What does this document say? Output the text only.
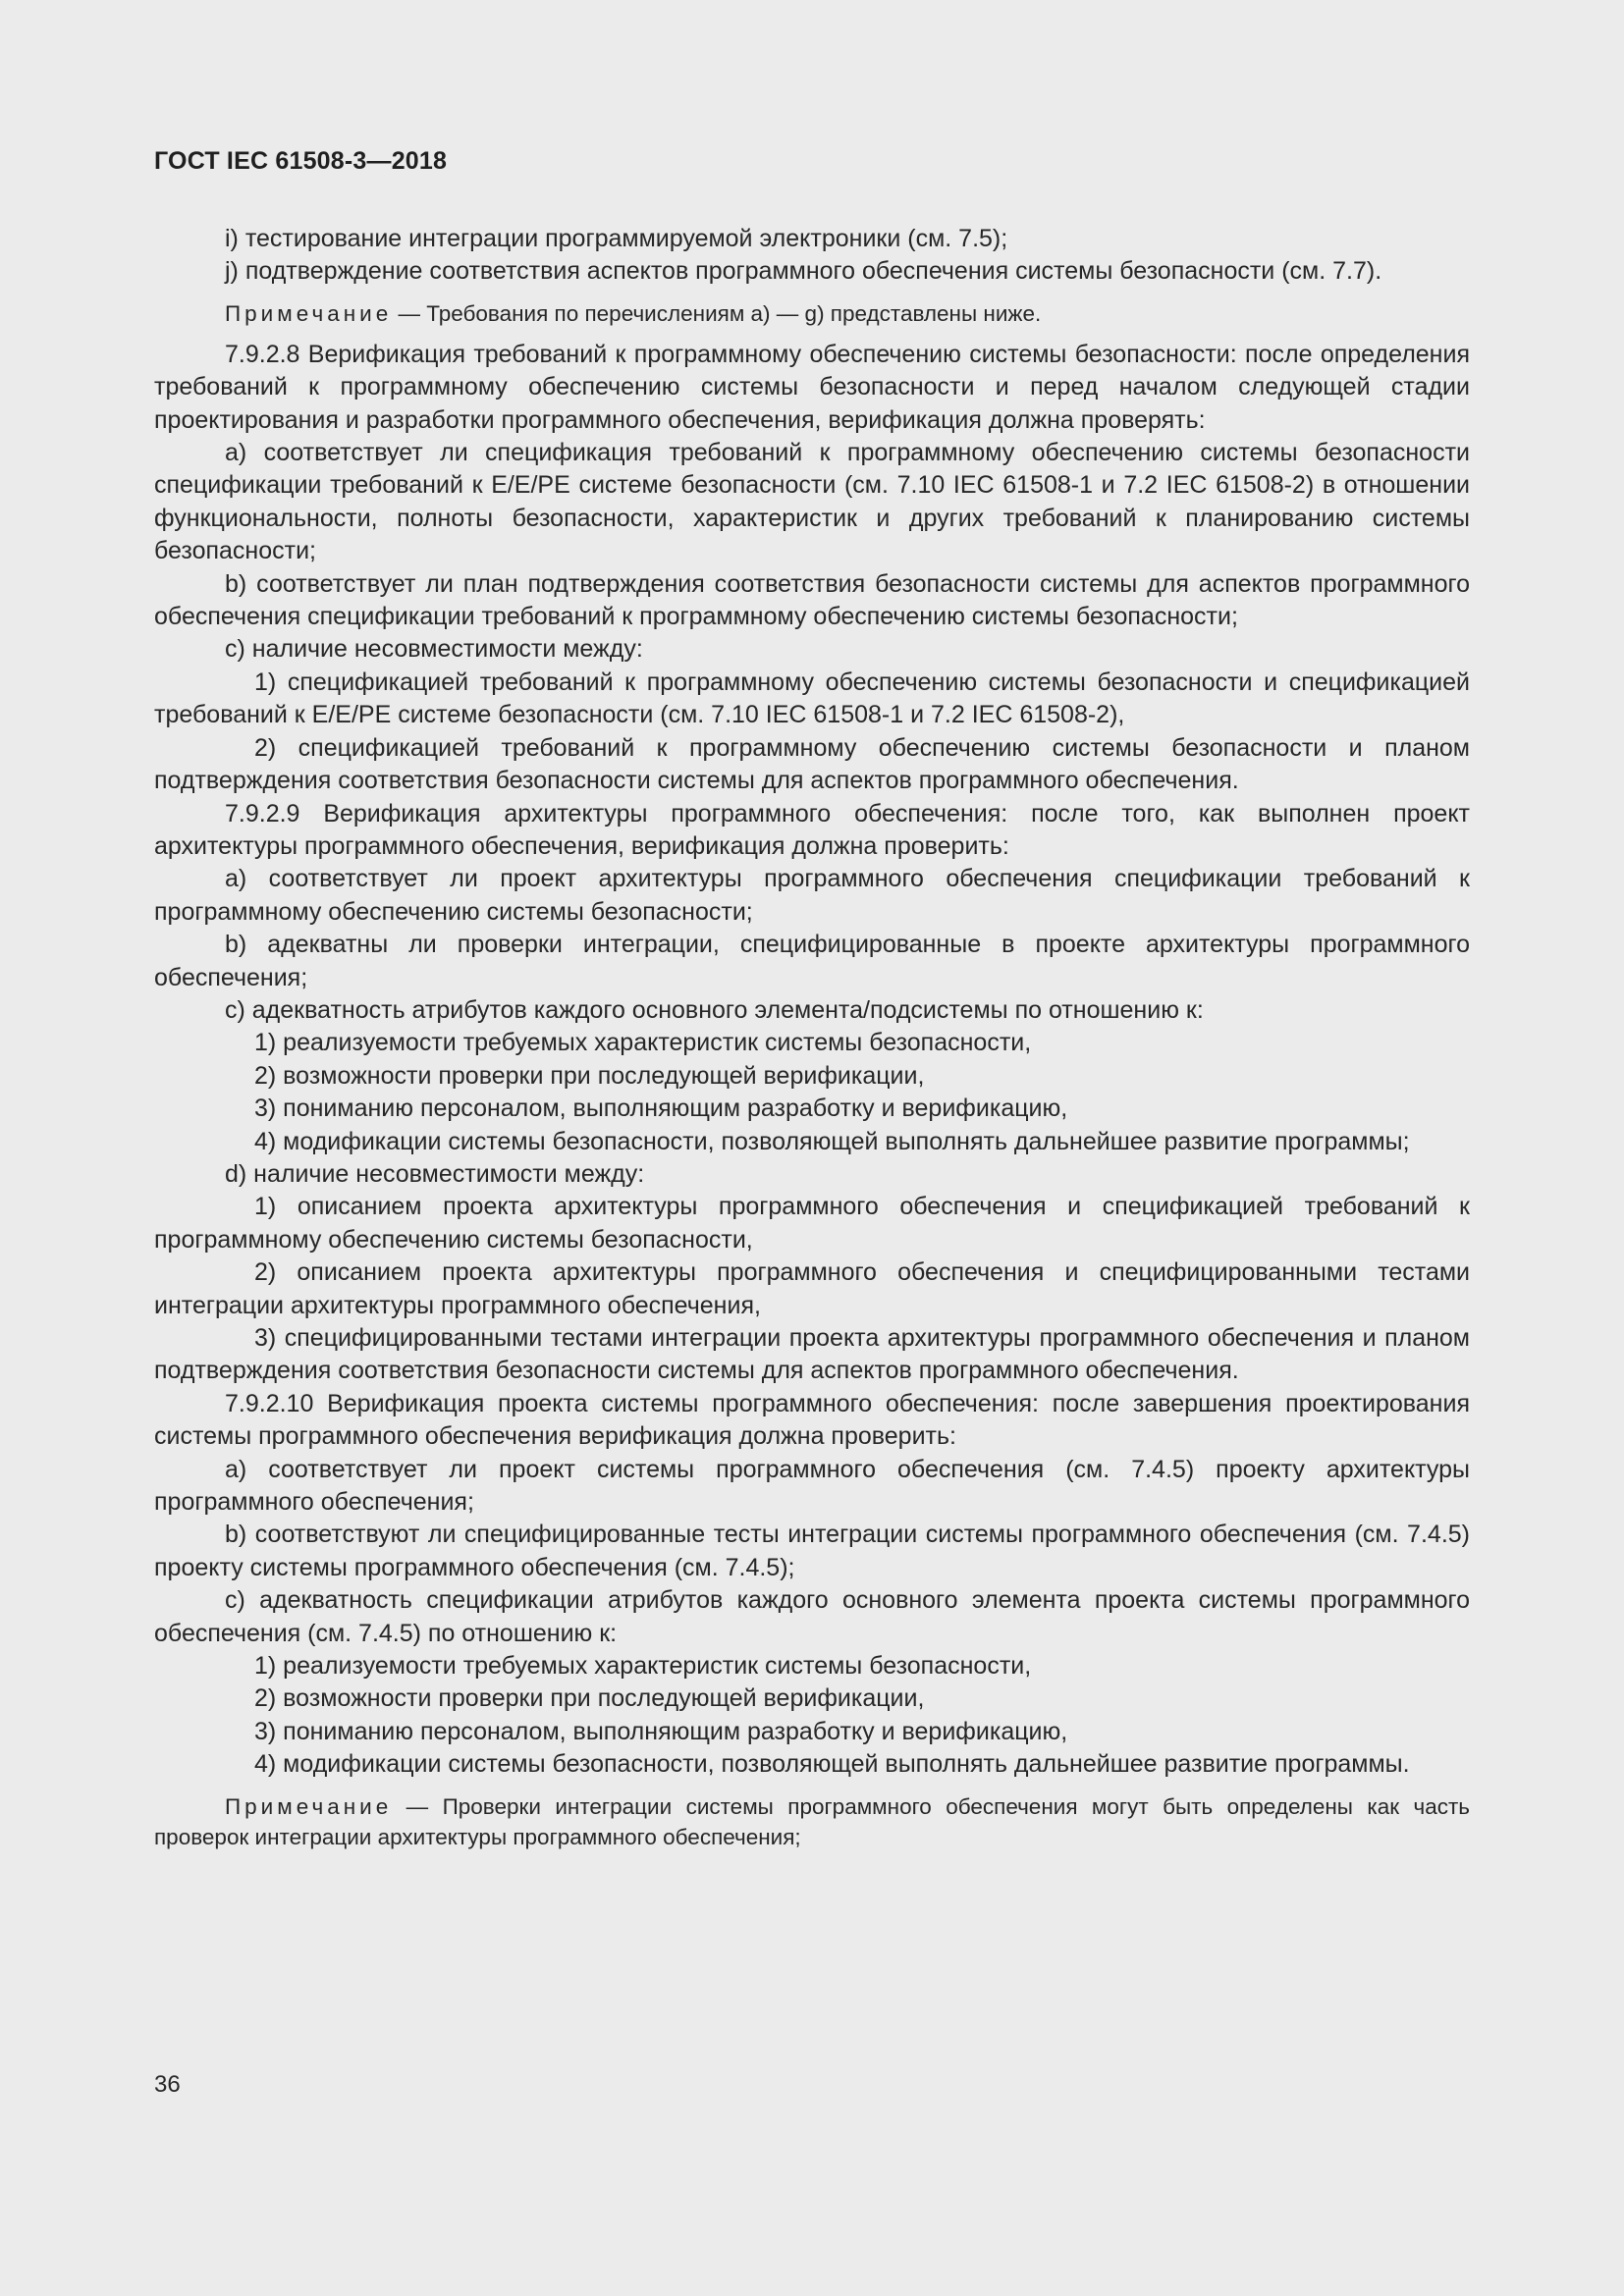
ГОСТ IEC 61508-3—2018

i) тестирование интеграции программируемой электроники (см. 7.5);

j) подтверждение соответствия аспектов программного обеспечения системы безопасности (см. 7.7).

Примечание — Требования по перечислениям a) — g) представлены ниже.

7.9.2.8 Верификация требований к программному обеспечению системы безопасности: после определения требований к программному обеспечению системы безопасности и перед началом следующей стадии проектирования и разработки программного обеспечения, верификация должна проверять:

a) соответствует ли спецификация требований к программному обеспечению системы безопасности спецификации требований к E/E/PE системе безопасности (см. 7.10 IEC 61508-1 и 7.2 IEC 61508-2) в отношении функциональности, полноты безопасности, характеристик и других требований к планированию системы безопасности;

b) соответствует ли план подтверждения соответствия безопасности системы для аспектов программного обеспечения спецификации требований к программному обеспечению системы безопасности;

c) наличие несовместимости между:

1) спецификацией требований к программному обеспечению системы безопасности и спецификацией требований к E/E/PE системе безопасности (см. 7.10 IEC 61508-1 и 7.2 IEC 61508-2),

2) спецификацией требований к программному обеспечению системы безопасности и планом подтверждения соответствия безопасности системы для аспектов программного обеспечения.

7.9.2.9 Верификация архитектуры программного обеспечения: после того, как выполнен проект архитектуры программного обеспечения, верификация должна проверить:

a) соответствует ли проект архитектуры программного обеспечения спецификации требований к программному обеспечению системы безопасности;

b) адекватны ли проверки интеграции, специфицированные в проекте архитектуры программного обеспечения;

c) адекватность атрибутов каждого основного элемента/подсистемы по отношению к:

1) реализуемости требуемых характеристик системы безопасности,

2) возможности проверки при последующей верификации,

3) пониманию персоналом, выполняющим разработку и верификацию,

4) модификации системы безопасности, позволяющей выполнять дальнейшее развитие программы;

d) наличие несовместимости между:

1) описанием проекта архитектуры программного обеспечения и спецификацией требований к программному обеспечению системы безопасности,

2) описанием проекта архитектуры программного обеспечения и специфицированными тестами интеграции архитектуры программного обеспечения,

3) специфицированными тестами интеграции проекта архитектуры программного обеспечения и планом подтверждения соответствия безопасности системы для аспектов программного обеспечения.

7.9.2.10 Верификация проекта системы программного обеспечения: после завершения проектирования системы программного обеспечения верификация должна проверить:

a) соответствует ли проект системы программного обеспечения (см. 7.4.5) проекту архитектуры программного обеспечения;

b) соответствуют ли специфицированные тесты интеграции системы программного обеспечения (см. 7.4.5) проекту системы программного обеспечения (см. 7.4.5);

c) адекватность спецификации атрибутов каждого основного элемента проекта системы программного обеспечения (см. 7.4.5) по отношению к:

1) реализуемости требуемых характеристик системы безопасности,

2) возможности проверки при последующей верификации,

3) пониманию персоналом, выполняющим разработку и верификацию,

4) модификации системы безопасности, позволяющей выполнять дальнейшее развитие программы.

Примечание — Проверки интеграции системы программного обеспечения могут быть определены как часть проверок интеграции архитектуры программного обеспечения;

36
